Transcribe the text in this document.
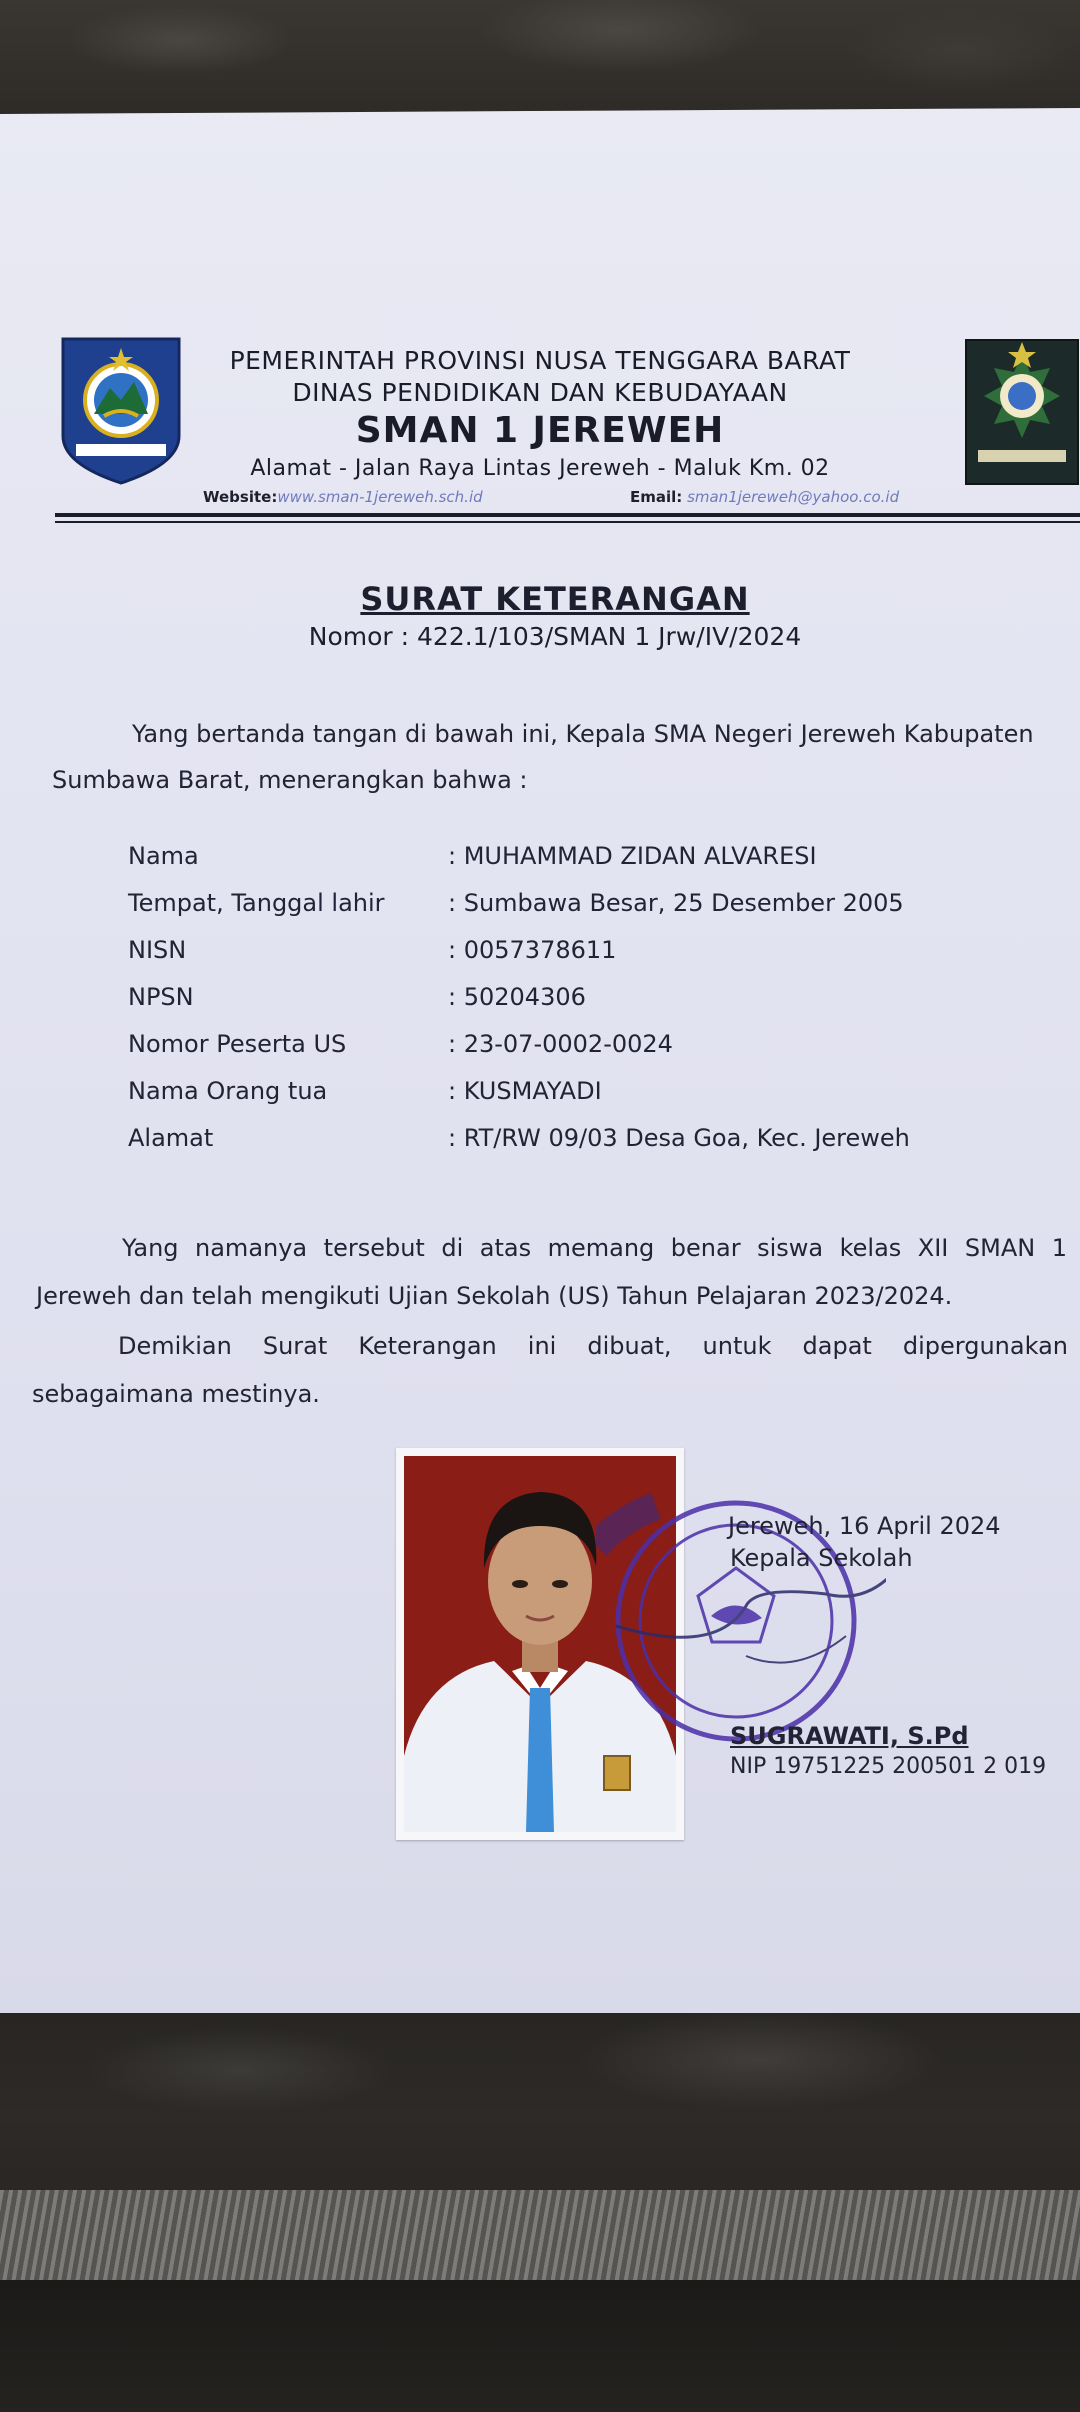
PEMERINTAH PROVINSI NUSA TENGGARA BARAT
DINAS PENDIDIKAN DAN KEBUDAYAAN
SMAN 1 JEREWEH
Alamat - Jalan Raya Lintas Jereweh - Maluk Km. 02
Website:www.sman-1jereweh.sch.id	Email: sman1jereweh@yahoo.co.id
SURAT KETERANGAN
Nomor : 422.1/103/SMAN 1 Jrw/IV/2024
Yang bertanda tangan di bawah ini, Kepala SMA Negeri Jereweh Kabupaten
Sumbawa Barat, menerangkan bahwa :
Nama	: MUHAMMAD ZIDAN ALVARESI
Tempat, Tanggal lahir	: Sumbawa Besar, 25 Desember 2005
NISN	: 0057378611
NPSN	: 50204306
Nomor Peserta US	: 23-07-0002-0024
Nama Orang tua	: KUSMAYADI
Alamat	: RT/RW 09/03 Desa Goa, Kec. Jereweh
Yang namanya tersebut di atas memang benar siswa kelas XII SMAN 1
Jereweh dan telah mengikuti Ujian Sekolah (US) Tahun Pelajaran 2023/2024.
Demikian Surat Keterangan ini dibuat, untuk dapat dipergunakan
sebagaimana mestinya.
Jereweh, 16 April 2024
Kepala Sekolah
SUGRAWATI, S.Pd
NIP 19751225 200501 2 019
